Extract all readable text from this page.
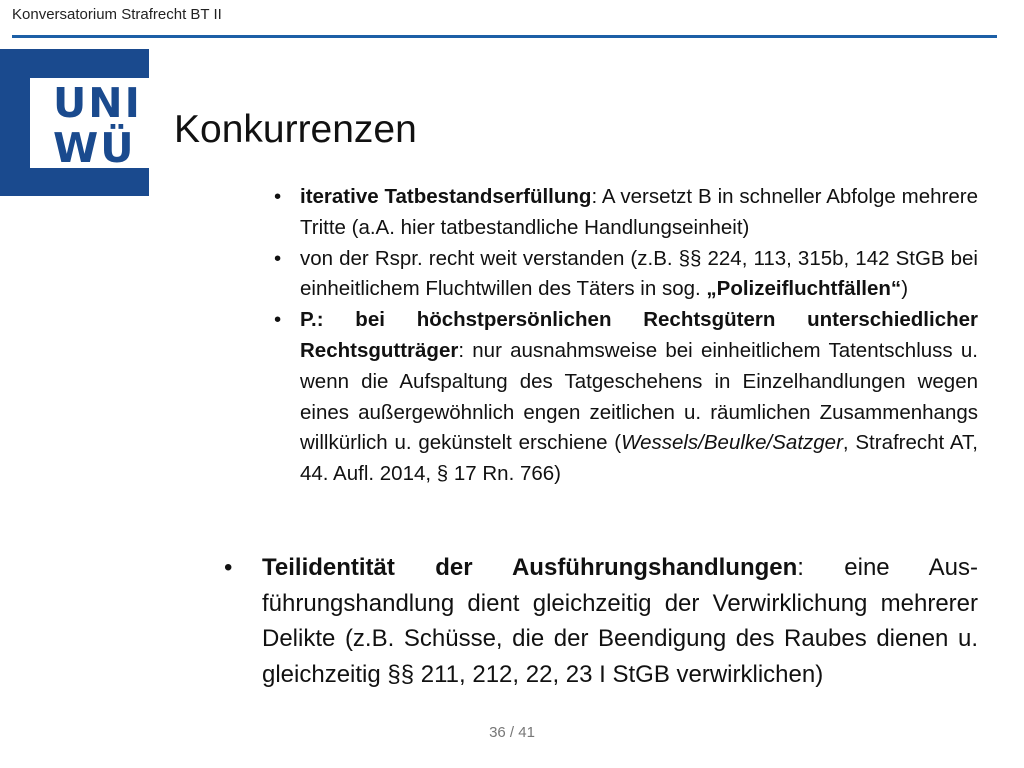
Konversatorium Strafrecht BT II
UNI
WÜ Konkurrenzen
• iterative Tatbestandserfüllung: A versetzt B in schneller Abfolge mehrere Tritte (a.A. hier tatbestandliche Handlungseinheit)
• von der Rspr. recht weit verstanden (z.B. §§ 224, 113, 315b, 142 StGB bei einheitlichem Fluchtwillen des Täters in sog. „Polizeifluchtfällen“)
• P.: bei höchstpersönlichen Rechtsgütern unterschiedlicher Rechtsgutträger: nur ausnahmsweise bei einheitlichem Tatentschluss u. wenn die Aufspaltung des Tatgeschehens in Einzelhandlungen wegen eines außergewöhnlich engen zeitlichen u. räumlichen Zusammenhangs willkürlich u. gekünstelt erschiene (Wessels/Beulke/Satzger, Strafrecht AT, 44. Aufl. 2014, § 17 Rn. 766)
• Teilidentität der Ausführungshandlungen: eine Ausführungshandlung dient gleichzeitig der Verwirklichung mehrerer Delikte (z.B. Schüsse, die der Beendigung des Raubes dienen u. gleichzeitig §§ 211, 212, 22, 23 I StGB verwirklichen)
36 / 41
